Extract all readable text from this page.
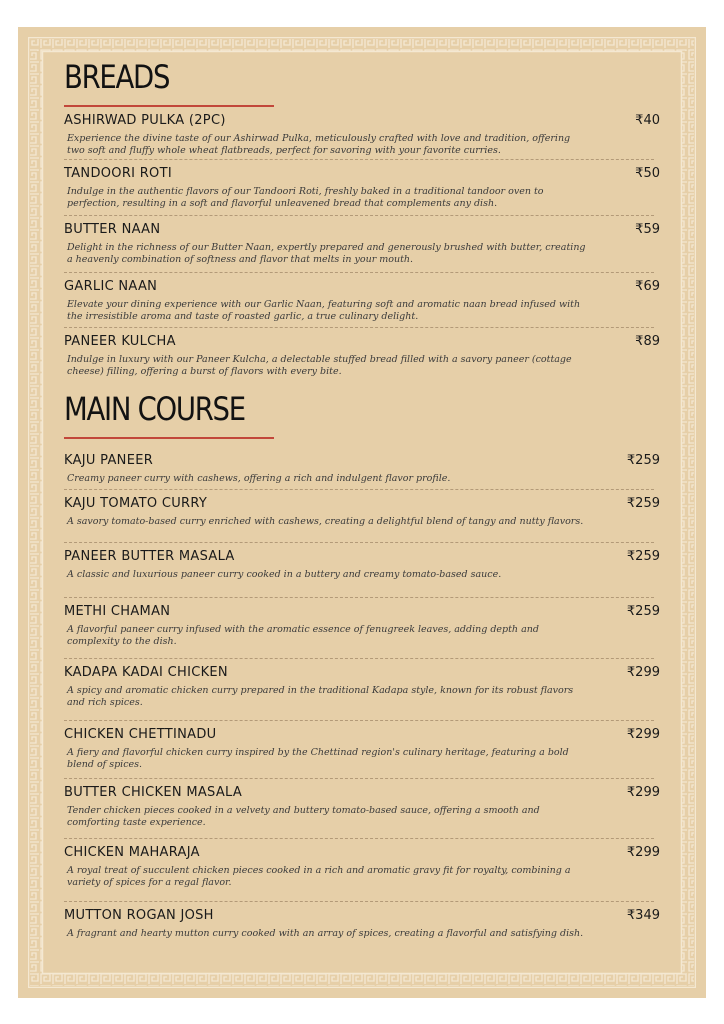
BREADS
ASHIRWAD PULKA (2PC)	₹40
Experience the divine taste of our Ashirwad Pulka, meticulously crafted with love and tradition, offering two soft and fluffy whole wheat flatbreads, perfect for savoring with your favorite curries.
TANDOORI ROTI	₹50
Indulge in the authentic flavors of our Tandoori Roti, freshly baked in a traditional tandoor oven to perfection, resulting in a soft and flavorful unleavened bread that complements any dish.
BUTTER NAAN	₹59
Delight in the richness of our Butter Naan, expertly prepared and generously brushed with butter, creating a heavenly combination of softness and flavor that melts in your mouth.
GARLIC NAAN	₹69
Elevate your dining experience with our Garlic Naan, featuring soft and aromatic naan bread infused with the irresistible aroma and taste of roasted garlic, a true culinary delight.
PANEER KULCHA	₹89
Indulge in luxury with our Paneer Kulcha, a delectable stuffed bread filled with a savory paneer (cottage cheese) filling, offering a burst of flavors with every bite.
MAIN COURSE
KAJU PANEER	₹259
Creamy paneer curry with cashews, offering a rich and indulgent flavor profile.
KAJU TOMATO CURRY	₹259
A savory tomato-based curry enriched with cashews, creating a delightful blend of tangy and nutty flavors.
PANEER BUTTER MASALA	₹259
A classic and luxurious paneer curry cooked in a buttery and creamy tomato-based sauce.
METHI CHAMAN	₹259
A flavorful paneer curry infused with the aromatic essence of fenugreek leaves, adding depth and complexity to the dish.
KADAPA KADAI CHICKEN	₹299
A spicy and aromatic chicken curry prepared in the traditional Kadapa style, known for its robust flavors and rich spices.
CHICKEN CHETTINADU	₹299
A fiery and flavorful chicken curry inspired by the Chettinad region's culinary heritage, featuring a bold blend of spices.
BUTTER CHICKEN MASALA	₹299
Tender chicken pieces cooked in a velvety and buttery tomato-based sauce, offering a smooth and comforting taste experience.
CHICKEN MAHARAJA	₹299
A royal treat of succulent chicken pieces cooked in a rich and aromatic gravy fit for royalty, combining a variety of spices for a regal flavor.
MUTTON ROGAN JOSH	₹349
A fragrant and hearty mutton curry cooked with an array of spices, creating a flavorful and satisfying dish.
